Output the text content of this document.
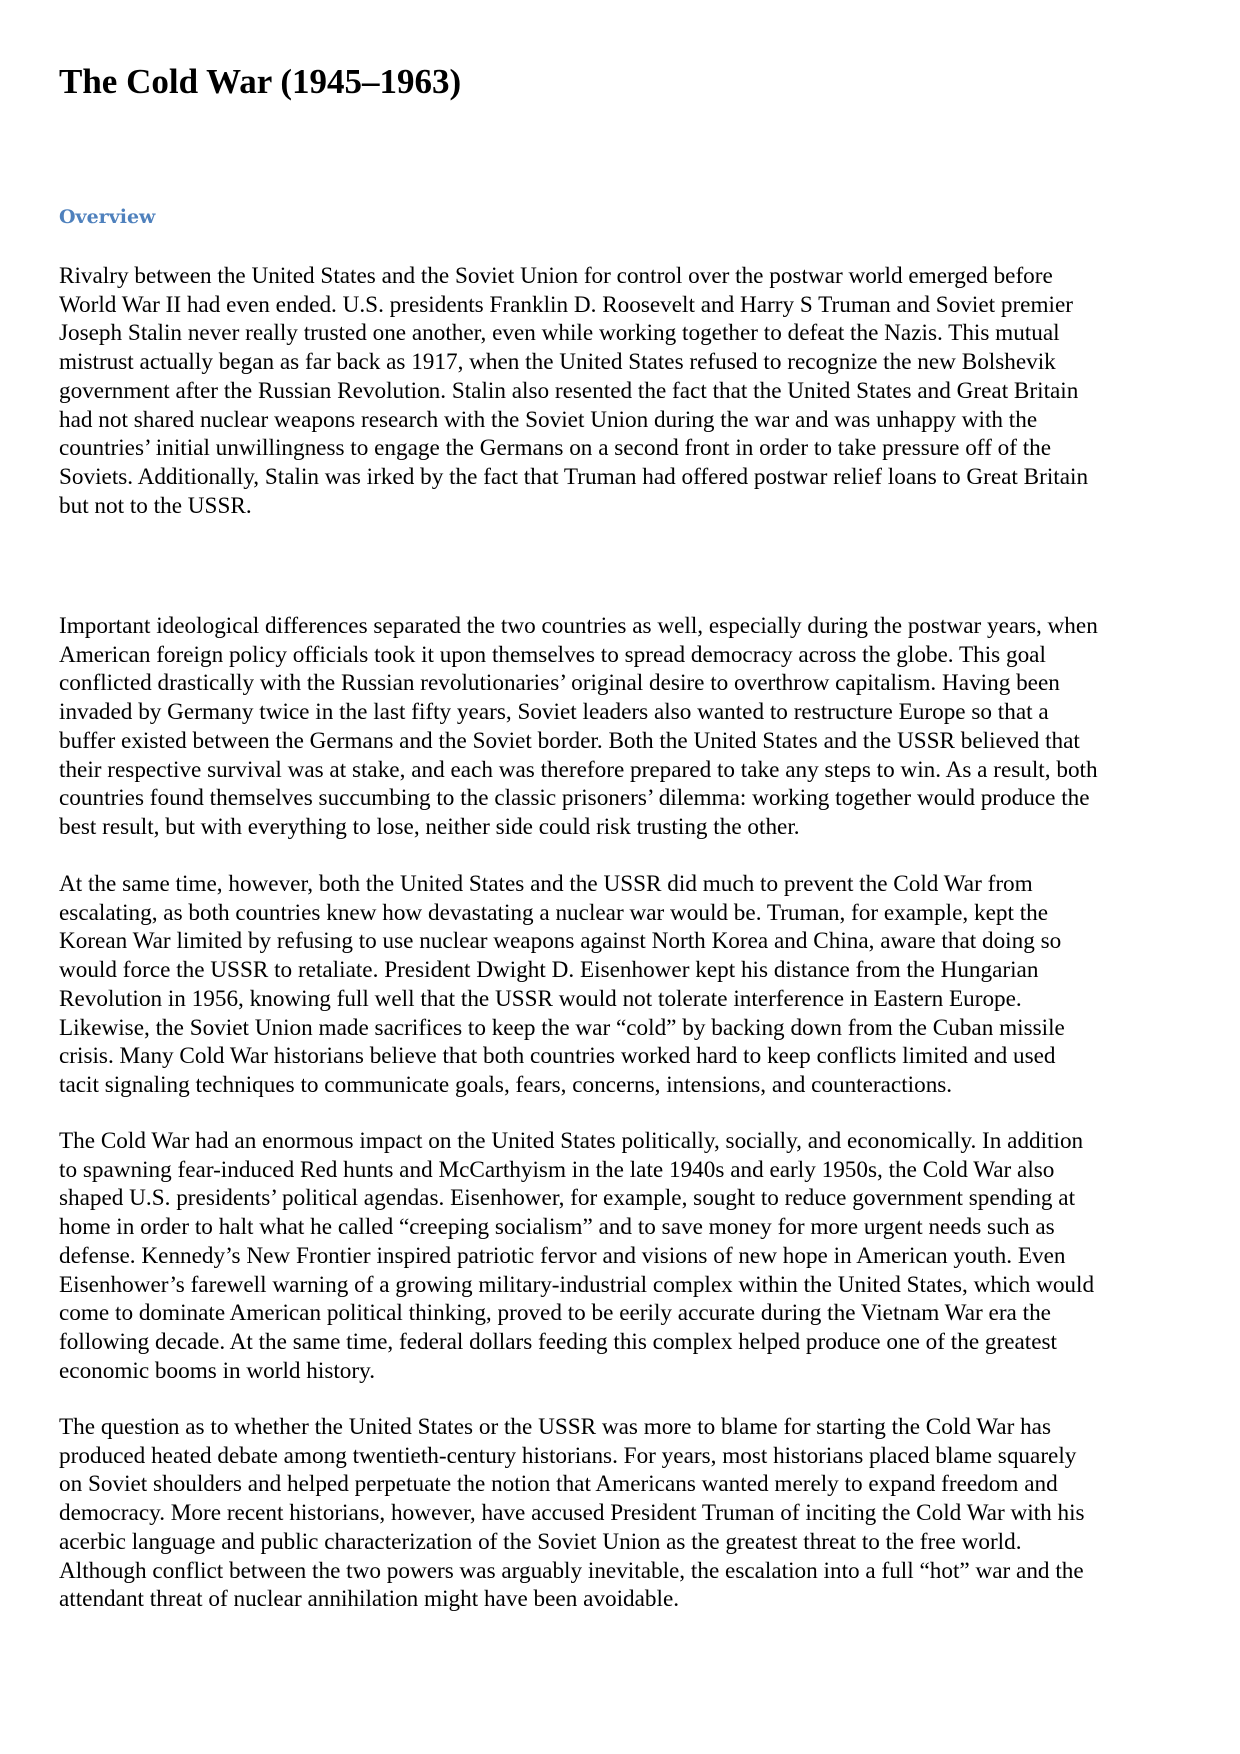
The Cold War (1945–1963)
Overview

Rivalry between the United States and the Soviet Union for control over the postwar world emerged before
World War II had even ended. U.S. presidents Franklin D. Roosevelt and Harry S Truman and Soviet premier
Joseph Stalin never really trusted one another, even while working together to defeat the Nazis. This mutual
mistrust actually began as far back as 1917, when the United States refused to recognize the new Bolshevik
government after the Russian Revolution. Stalin also resented the fact that the United States and Great Britain
had not shared nuclear weapons research with the Soviet Union during the war and was unhappy with the
countries’ initial unwillingness to engage the Germans on a second front in order to take pressure off of the
Soviets. Additionally, Stalin was irked by the fact that Truman had offered postwar relief loans to Great Britain
but not to the USSR.

Important ideological differences separated the two countries as well, especially during the postwar years, when
American foreign policy officials took it upon themselves to spread democracy across the globe. This goal
conflicted drastically with the Russian revolutionaries’ original desire to overthrow capitalism. Having been
invaded by Germany twice in the last fifty years, Soviet leaders also wanted to restructure Europe so that a
buffer existed between the Germans and the Soviet border. Both the United States and the USSR believed that
their respective survival was at stake, and each was therefore prepared to take any steps to win. As a result, both
countries found themselves succumbing to the classic prisoners’ dilemma: working together would produce the
best result, but with everything to lose, neither side could risk trusting the other.

At the same time, however, both the United States and the USSR did much to prevent the Cold War from
escalating, as both countries knew how devastating a nuclear war would be. Truman, for example, kept the
Korean War limited by refusing to use nuclear weapons against North Korea and China, aware that doing so
would force the USSR to retaliate. President Dwight D. Eisenhower kept his distance from the Hungarian
Revolution in 1956, knowing full well that the USSR would not tolerate interference in Eastern Europe.
Likewise, the Soviet Union made sacrifices to keep the war “cold” by backing down from the Cuban missile
crisis. Many Cold War historians believe that both countries worked hard to keep conflicts limited and used
tacit signaling techniques to communicate goals, fears, concerns, intensions, and counteractions.

The Cold War had an enormous impact on the United States politically, socially, and economically. In addition
to spawning fear-induced Red hunts and McCarthyism in the late 1940s and early 1950s, the Cold War also
shaped U.S. presidents’ political agendas. Eisenhower, for example, sought to reduce government spending at
home in order to halt what he called “creeping socialism” and to save money for more urgent needs such as
defense. Kennedy’s New Frontier inspired patriotic fervor and visions of new hope in American youth. Even
Eisenhower’s farewell warning of a growing military-industrial complex within the United States, which would
come to dominate American political thinking, proved to be eerily accurate during the Vietnam War era the
following decade. At the same time, federal dollars feeding this complex helped produce one of the greatest
economic booms in world history.

The question as to whether the United States or the USSR was more to blame for starting the Cold War has
produced heated debate among twentieth-century historians. For years, most historians placed blame squarely
on Soviet shoulders and helped perpetuate the notion that Americans wanted merely to expand freedom and
democracy. More recent historians, however, have accused President Truman of inciting the Cold War with his
acerbic language and public characterization of the Soviet Union as the greatest threat to the free world.
Although conflict between the two powers was arguably inevitable, the escalation into a full “hot” war and the
attendant threat of nuclear annihilation might have been avoidable.
